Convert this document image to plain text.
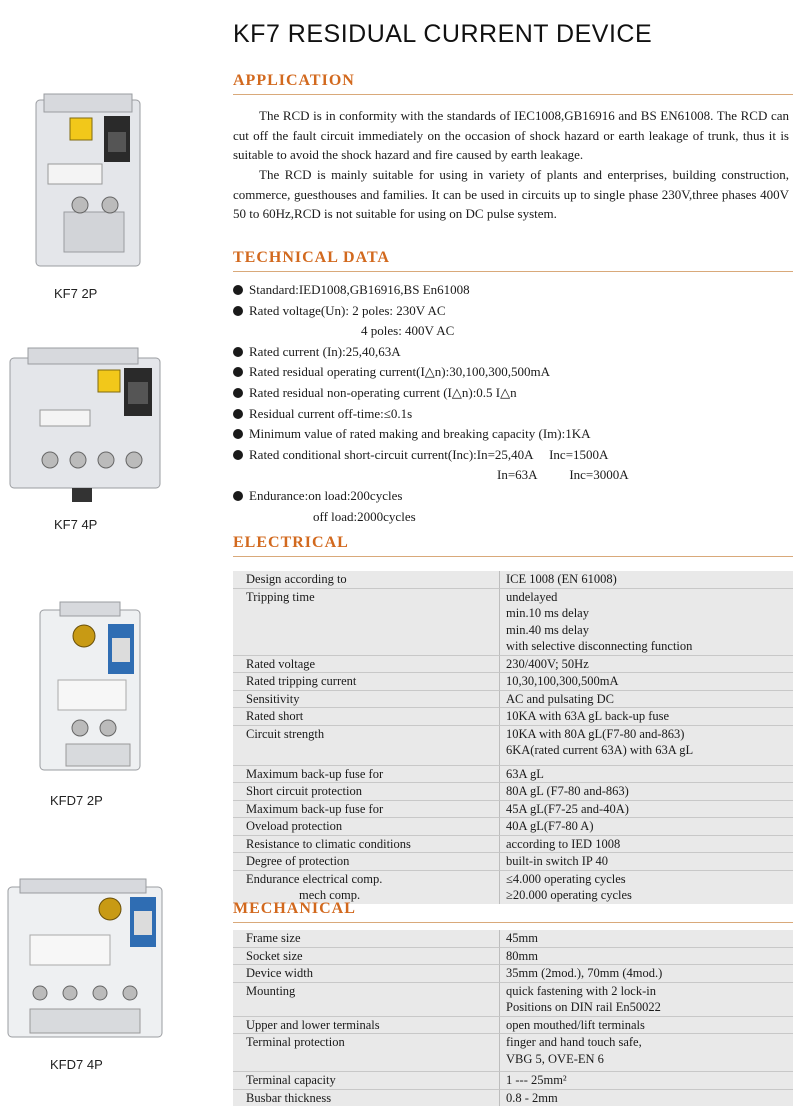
KF7 RESIDUAL CURRENT DEVICE
KF7 2P
KF7 4P
KFD7 2P
KFD7 4P
APPLICATION
The RCD is in conformity with the standards of IEC1008,GB16916 and BS EN61008. The RCD can cut off the fault circuit immediately on the occasion of shock hazard or earth leakage of trunk, thus it is suitable to avoid the shock hazard and fire caused by earth leakage.
The RCD is mainly suitable for using in variety of plants and enterprises, building construction, commerce, guesthouses and families. It can be used in circuits up to single phase 230V,three phases 400V 50 to 60Hz,RCD is not suitable for using on DC pulse system.
TECHNICAL DATA
Standard:IED1008,GB16916,BS En61008
Rated voltage(Un): 2 poles: 230V AC
4 poles: 400V AC
Rated current (In):25,40,63A
Rated residual operating current(I△n):30,100,300,500mA
Rated residual non-operating current (I△n):0.5 I△n
Residual current off-time:≤0.1s
Minimum value of rated making and breaking capacity (Im):1KA
Rated conditional short-circuit current(Inc):In=25,40A     Inc=1500A
In=63A          Inc=3000A
Endurance:on load:200cycles
off load:2000cycles
ELECTRICAL
Design according to	ICE 1008 (EN 61008)
Tripping time	undelayed
min.10 ms delay
min.40 ms delay
with selective disconnecting function
Rated voltage	230/400V; 50Hz
Rated tripping current	10,30,100,300,500mA
Sensitivity	AC and pulsating DC
Rated short	10KA with 63A gL back-up fuse
Circuit strength	10KA with 80A gL(F7-80 and-863)
6KA(rated current 63A) with 63A gL
Maximum back-up fuse for	63A gL
Short circuit protection	80A gL (F7-80 and-863)
Maximum back-up fuse for	45A gL(F7-25 and-40A)
Oveload protection	40A gL(F7-80 A)
Resistance to climatic conditions	according to IED 1008
Degree of protection	built-in switch IP 40
Endurance electrical comp.	≤4.000 operating cycles
mech comp.	≥20.000 operating cycles
MECHANICAL
Frame size	45mm
Socket size	80mm
Device width	35mm (2mod.), 70mm (4mod.)
Mounting	quick fastening with 2 lock-in
Positions on DIN rail En50022
Upper and lower terminals	open mouthed/lift terminals
Terminal protection	finger and hand touch safe,
VBG 5, OVE-EN 6
Terminal capacity	1 --- 25mm²
Busbar thickness	0.8 - 2mm
